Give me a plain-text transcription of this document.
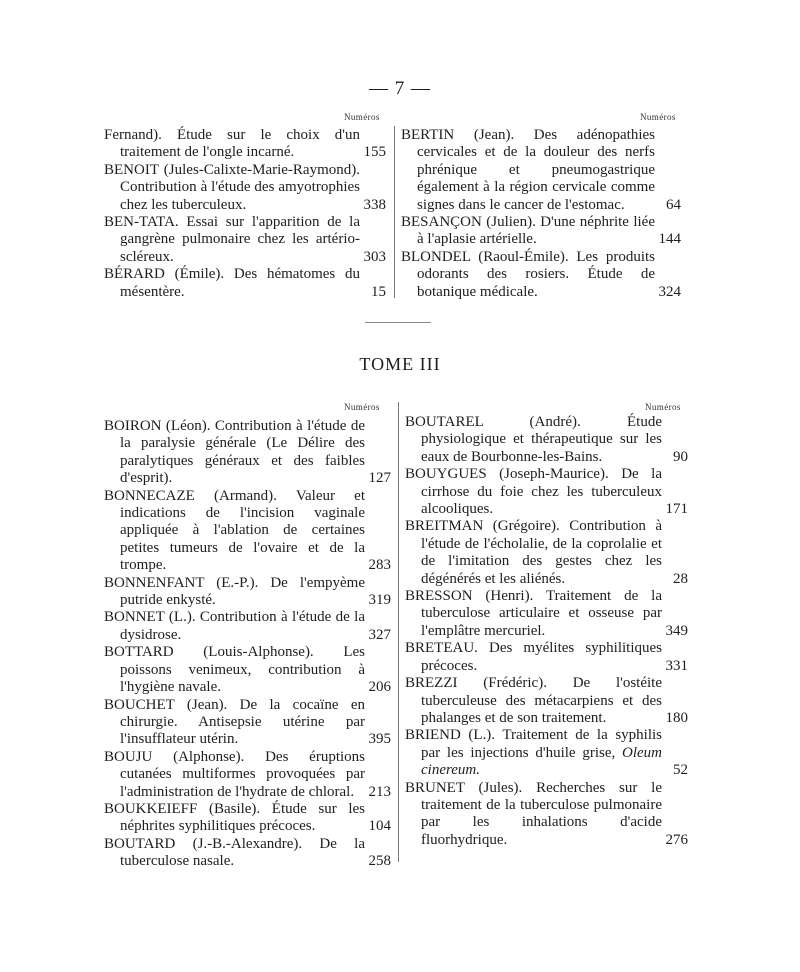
— 7 —
Numéros	Numéros
Fernand). Étude sur le choix d'un traitement de l'ongle incarné.	155
BENOIT (Jules-Calixte-Marie-Raymond). Contribution à l'étude des amyotrophies chez les tuberculeux.	338
BEN-TATA. Essai sur l'apparition de la gangrène pulmonaire chez les artério-scléreux.	303
BÉRARD (Émile). Des hématomes du mésentère.	15
BERTIN (Jean). Des adénopathies cervicales et de la douleur des nerfs phrénique et pneumogastrique également à la région cervicale comme signes dans le cancer de l'estomac.	64
BESANÇON (Julien). D'une néphrite liée à l'aplasie artérielle.	144
BLONDEL (Raoul-Émile). Les produits odorants des rosiers. Étude de botanique médicale.	324
TOME III
Numéros	Numéros
BOIRON (Léon). Contribution à l'étude de la paralysie générale (Le Délire des paralytiques généraux et des faibles d'esprit).	127
BONNECAZE (Armand). Valeur et indications de l'incision vaginale appliquée à l'ablation de certaines petites tumeurs de l'ovaire et de la trompe.	283
BONNENFANT (E.-P.). De l'empyème putride enkysté.	319
BONNET (L.). Contribution à l'étude de la dysidrose.	327
BOTTARD (Louis-Alphonse). Les poissons venimeux, contribution à l'hygiène navale.	206
BOUCHET (Jean). De la cocaïne en chirurgie. Antisepsie utérine par l'insufflateur utérin.	395
BOUJU (Alphonse). Des éruptions cutanées multiformes provoquées par l'administration de l'hydrate de chloral. 213
BOUKKEIEFF (Basile). Étude sur les néphrites syphilitiques précoces.	104
BOUTARD (J.-B.-Alexandre). De la tuberculose nasale.	258
BOUTAREL (André). Étude physiologique et thérapeutique sur les eaux de Bourbonne-les-Bains.	90
BOUYGUES (Joseph-Maurice). De la cirrhose du foie chez les tuberculeux alcooliques.	171
BREITMAN (Grégoire). Contribution à l'étude de l'écholalie, de la coprolalie et de l'imitation des gestes chez les dégénérés et les aliénés.	28
BRESSON (Henri). Traitement de la tuberculose articulaire et osseuse par l'emplâtre mercuriel.	349
BRETEAU. Des myélites syphilitiques précoces.	331
BREZZI (Frédéric). De l'ostéite tuberculeuse des métacarpiens et des phalanges et de son traitement.	180
BRIEND (L.). Traitement de la syphilis par les injections d'huile grise, Oleum cinereum.	52
BRUNET (Jules). Recherches sur le traitement de la tuberculose pulmonaire par les inhalations d'acide fluorhydrique.	276
